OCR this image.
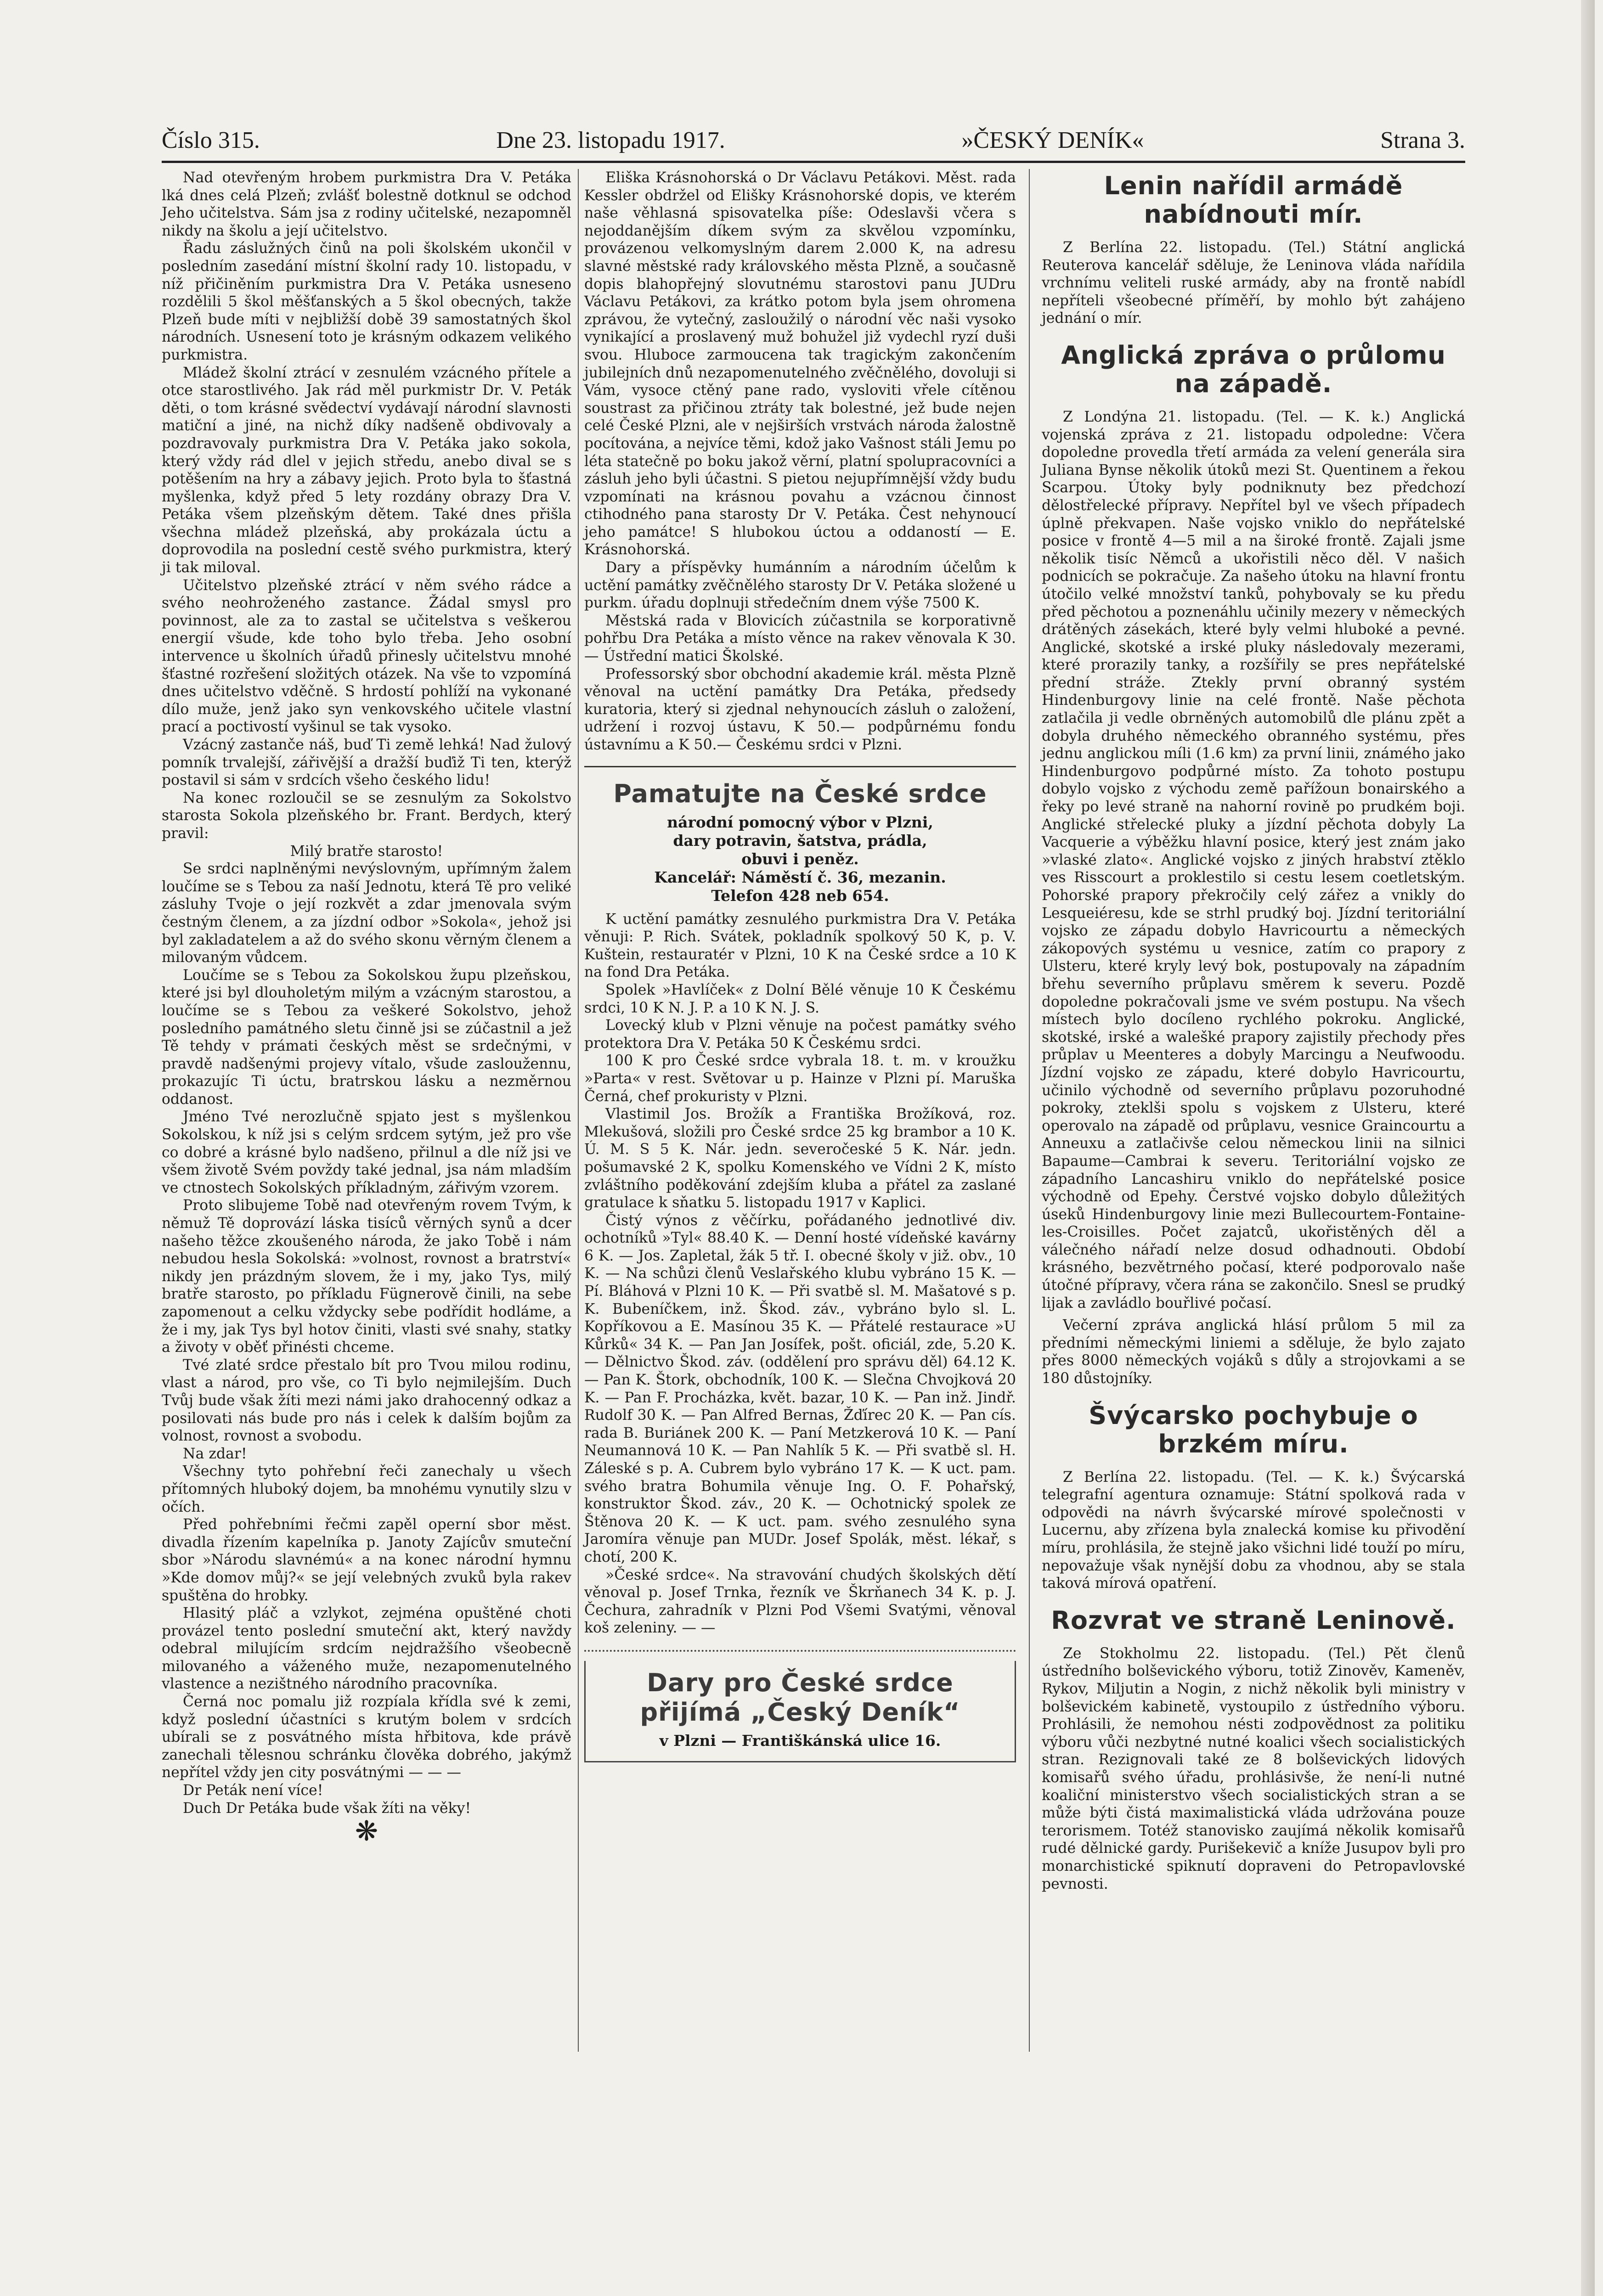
Číslo 315.	Dne 23. listopadu 1917.	»ČESKÝ DENÍK«	Strana 3.

Nad otevřeným hrobem purkmistra Dra V. Petáka lká dnes celá Plzeň; zvlášť bolestně dotknul se odchod Jeho učitelstva. Sám jsa z rodiny učitelské, nezapomněl nikdy na školu a její učitelstvo.

Řadu záslužných činů na poli školském ukončil v posledním zasedání místní školní rady 10. listopadu, v níž přičiněním purkmistra Dra V. Petáka usneseno rozdělili 5 škol měšťanských a 5 škol obecných, takže Plzeň bude míti v nejbližší době 39 samostatných škol národních. Usnesení toto je krásným odkazem velikého purkmistra.

Mládež školní ztrácí v zesnulém vzácného přítele a otce starostlivého. Jak rád měl purkmistr Dr. V. Peták děti, o tom krásné svědectví vydávají národní slavnosti matiční a jiné, na nichž díky nadšeně obdivovaly a pozdravovaly purkmistra Dra V. Petáka jako sokola, který vždy rád dlel v jejich středu, anebo dival se s potěšením na hry a zábavy jejich. Proto byla to šťastná myšlenka, když před 5 lety rozdány obrazy Dra V. Petáka všem plzeňským dětem. Také dnes přišla všechna mládež plzeňská, aby prokázala úctu a doprovodila na poslední cestě svého purkmistra, který ji tak miloval.

Učitelstvo plzeňské ztrácí v něm svého rádce a svého neohroženého zastance. Žádal smysl pro povinnost, ale za to zastal se učitelstva s veškerou energií všude, kde toho bylo třeba. Jeho osobní intervence u školních úřadů přinesly učitelstvu mnohé šťastné rozřešení složitých otázek. Na vše to vzpomíná dnes učitelstvo vděčně. S hrdostí pohlíží na vykonané dílo muže, jenž jako syn venkovského učitele vlastní prací a poctivostí vyšinul se tak vysoko.

Vzácný zastanče náš, buď Ti země lehká! Nad žulový pomník trvalejší, zářivější a dražší buďiž Ti ten, kterýž postavil si sám v srdcích všeho českého lidu!

Na konec rozloučil se se zesnulým za Sokolstvo starosta Sokola plzeňského br. Frant. Berdych, který pravil:

Milý bratře starosto!

Se srdci naplněnými nevýslovným, upřímným žalem loučíme se s Tebou za naší Jednotu, která Tě pro veliké zásluhy Tvoje o její rozkvět a zdar jmenovala svým čestným členem, a za jízdní odbor »Sokola«, jehož jsi byl zakladatelem a až do svého skonu věrným členem a milovaným vůdcem.

Loučíme se s Tebou za Sokolskou župu plzeňskou, které jsi byl dlouholetým milým a vzácným starostou, a loučíme se s Tebou za veškeré Sokolstvo, jehož posledního památného sletu činně jsi se zúčastnil a jež Tě tehdy v prámati českých měst se srdečnými, v pravdě nadšenými projevy vítalo, všude zasloužennu, prokazujíc Ti úctu, bratrskou lásku a nezměrnou oddanost.

Jméno Tvé nerozlučně spjato jest s myšlenkou Sokolskou, k níž jsi s celým srdcem sytým, jež pro vše co dobré a krásné bylo nadšeno, přilnul a dle níž jsi ve všem životě Svém povždy také jednal, jsa nám mladším ve ctnostech Sokolských příkladným, zářivým vzorem.

Proto slibujeme Tobě nad otevřeným rovem Tvým, k němuž Tě doprovází láska tisíců věrných synů a dcer našeho těžce zkoušeného národa, že jako Tobě i nám nebudou hesla Sokolská: »volnost, rovnost a bratrství« nikdy jen prázdným slovem, že i my, jako Tys, milý bratře starosto, po příkladu Fügnerově činili, na sebe zapomenout a celku vždycky sebe podřídit hodláme, a že i my, jak Tys byl hotov činiti, vlasti své snahy, statky a životy v oběť přinésti chceme.

Tvé zlaté srdce přestalo bít pro Tvou milou rodinu, vlast a národ, pro vše, co Ti bylo nejmilejším. Duch Tvůj bude však žíti mezi námi jako drahocenný odkaz a posilovati nás bude pro nás i celek k dalším bojům za volnost, rovnost a svobodu.

Na zdar!

Všechny tyto pohřební řeči zanechaly u všech přítomných hluboký dojem, ba mnohému vynutily slzu v očích.

Před pohřebními řečmi zapěl operní sbor měst. divadla řízením kapelníka p. Janoty Zajícův smuteční sbor »Národu slavnémú« a na konec národní hymnu »Kde domov můj?« se její velebných zvuků byla rakev spuštěna do hrobky.

Hlasitý pláč a vzlykot, zejména opuštěné choti provázel tento poslední smuteční akt, který navždy odebral milujícím srdcím nejdražšího všeobecně milovaného a váženého muže, nezapomenutelného vlastence a nezištného národního pracovníka.

Černá noc pomalu již rozpíala křídla své k zemi, když poslední účastníci s krutým bolem v srdcích ubírali se z posvátného místa hřbitova, kde právě zanechali tělesnou schránku člověka dobrého, jakýmž nepřítel vždy jen city posvátnými — — —

Dr Peták není více!

Duch Dr Petáka bude však žíti na věky!

❋

Eliška Krásnohorská o Dr Václavu Petákovi. Měst. rada Kessler obdržel od Elišky Krásnohorské dopis, ve kterém naše věhlasná spisovatelka píše: Odeslavši včera s nejoddanějším díkem svým za skvělou vzpomínku, provázenou velkomyslným darem 2.000 K, na adresu slavné městské rady královského města Plzně, a současně dopis blahopřejný slovutnému starostovi panu JUDru Václavu Petákovi, za krátko potom byla jsem ohromena zprávou, že vytečný, zasloužilý o národní věc naši vysoko vynikající a proslavený muž bohužel již vydechl ryzí duši svou. Hluboce zarmoucena tak tragickým zakončením jubilejních dnů nezapomenutelného zvěčnělého, dovoluji si Vám, vysoce ctěný pane rado, vysloviti vřele cítěnou soustrast za přičinou ztráty tak bolestné, jež bude nejen celé České Plzni, ale v nejširších vrstvách národa žalostně pocítována, a nejvíce těmi, kdož jako Vašnost stáli Jemu po léta statečně po boku jakož věrní, platní spolupracovníci a zásluh jeho byli účastni. S pietou nejupřímnější vždy budu vzpomínati na krásnou povahu a vzácnou činnost ctihodného pana starosty Dr V. Petáka. Čest nehynoucí jeho památce! S hlubokou úctou a oddaností — E. Krásnohorská.

Dary a příspěvky humánním a národním účelům k uctění památky zvěčnělého starosty Dr V. Petáka složené u purkm. úřadu doplnuji středečním dnem výše 7500 K.

Městská rada v Blovicích zúčastnila se korporativně pohřbu Dra Petáka a místo věnce na rakev věnovala K 30.— Ústřední matici Školské.

Professorský sbor obchodní akademie král. města Plzně věnoval na uctění památky Dra Petáka, předsedy kuratoria, který si zjednal nehynoucích zásluh o založení, udržení i rozvoj ústavu, K 50.— podpůrnému fondu ústavnímu a K 50.— Českému srdci v Plzni.

Pamatujte na České srdce
národní pomocný výbor v Plzni,
dary potravin, šatstva, prádla,
obuvi i peněz.
Kancelář: Náměstí č. 36, mezanin.
Telefon 428 neb 654.

K uctění památky zesnulého purkmistra Dra V. Petáka věnuji: P. Rich. Svátek, pokladník spolkový 50 K, p. V. Kuštein, restauratér v Plzni, 10 K na České srdce a 10 K na fond Dra Petáka.

Spolek »Havlíček« z Dolní Bělé věnuje 10 K Českému srdci, 10 K N. J. P. a 10 K N. J. S.

Lovecký klub v Plzni věnuje na počest památky svého protektora Dra V. Petáka 50 K Českému srdci.

100 K pro České srdce vybrala 18. t. m. v kroužku »Parta« v rest. Světovar u p. Hainze v Plzni pí. Maruška Černá, chef prokuristy v Plzni.

Vlastimil Jos. Brožík a Františka Brožíková, roz. Mlekušová, složili pro České srdce 25 kg brambor a 10 K. Ú. M. S 5 K. Nár. jedn. severočeské 5 K. Nár. jedn. pošumavské 2 K, spolku Komenského ve Vídni 2 K, místo zvláštního poděkování zdejším kluba a přátel za zaslané gratulace k sňatku 5. listopadu 1917 v Kaplici.

Čistý výnos z věčírku, pořádaného jednotlivé div. ochotníků »Tyl« 88.40 K. — Denní hosté vídeňské kavárny 6 K. — Jos. Zapletal, žák 5 tř. I. obecné školy v již. obv., 10 K. — Na schůzi členů Veslařského klubu vybráno 15 K. — Pí. Bláhová v Plzni 10 K. — Při svatbě sl. M. Mašatové s p. K. Bubeníčkem, inž. Škod. záv., vybráno bylo sl. L. Kopříkovou a E. Masínou 35 K. — Přátelé restaurace »U Kůrků« 34 K. — Pan Jan Josífek, pošt. oficiál, zde, 5.20 K. — Dělnictvo Škod. záv. (oddělení pro správu děl) 64.12 K. — Pan K. Štork, obchodník, 100 K. — Slečna Chvojková 20 K. — Pan F. Procházka, květ. bazar, 10 K. — Pan inž. Jindř. Rudolf 30 K. — Pan Alfred Bernas, Žďírec 20 K. — Pan cís. rada B. Buriánek 200 K. — Paní Metzkerová 10 K. — Paní Neumannová 10 K. — Pan Nahlík 5 K. — Při svatbě sl. H. Záleské s p. A. Cubrem bylo vybráno 17 K. — K uct. pam. svého bratra Bohumila věnuje Ing. O. F. Pohařský, konstruktor Škod. záv., 20 K. — Ochotnický spolek ze Štěnova 20 K. — K uct. pam. svého zesnulého syna Jaromíra věnuje pan MUDr. Josef Spolák, měst. lékař, s chotí, 200 K.

»České srdce«. Na stravování chudých školských dětí věnoval p. Josef Trnka, řezník ve Škrňanech 34 K. p. J. Čechura, zahradník v Plzni Pod Všemi Svatými, věnoval koš zeleniny. — —

Dary pro České srdce
přijímá „Český Deník“
v Plzni — Františkánská ulice 16.
Lenin nařídil armádě nabídnouti mír.

Z Berlína 22. listopadu. (Tel.) Státní anglická Reuterova kancelář sděluje, že Leninova vláda nařídila vrchnímu veliteli ruské armády, aby na frontě nabídl nepříteli všeobecné příměří, by mohlo být zahájeno jednání o mír.

Anglická zpráva o průlomu na západě.

Z Londýna 21. listopadu. (Tel. — K. k.) Anglická vojenská zpráva z 21. listopadu odpoledne: Včera dopoledne provedla třetí armáda za velení generála sira Juliana Bynse několik útoků mezi St. Quentinem a řekou Scarpou. Útoky byly podniknuty bez předchozí dělostřelecké přípravy. Nepřítel byl ve všech případech úplně překvapen. Naše vojsko vniklo do nepřátelské posice v frontě 4—5 mil a na široké frontě. Zajali jsme několik tisíc Němců a ukořistili něco děl. V našich podnicích se pokračuje. Za našeho útoku na hlavní frontu útočilo velké množství tanků, pohybovaly se ku předu před pěchotou a poznenáhlu učinily mezery v německých drátěných zásekách, které byly velmi hluboké a pevné. Anglické, skotské a irské pluky následovaly mezerami, které prorazily tanky, a rozšířily se pres nepřátelské přední stráže. Ztekly první obranný systém Hindenburgovy linie na celé frontě. Naše pěchota zatlačila ji vedle obrněných automobilů dle plánu zpět a dobyla druhého německého obranného systému, přes jednu anglickou míli (1.6 km) za první linii, známého jako Hindenburgovo podpůrné místo. Za tohoto postupu dobylo vojsko z východu země pařížoun bonairského a řeky po levé straně na nahorní rovině po prudkém boji. Anglické střelecké pluky a jízdní pěchota dobyly La Vacquerie a výběžku hlavní posice, který jest znám jako »vlaské zlato«. Anglické vojsko z jiných hrabství ztěklo ves Risscourt a proklestilo si cestu lesem coetletským. Pohorské prapory překročily celý zářez a vnikly do Lesqueiéresu, kde se strhl prudký boj. Jízdní teritoriální vojsko ze západu dobylo Havricourtu a německých zákopových systému u vesnice, zatím co prapory z Ulsteru, které kryly levý bok, postupovaly na západním břehu severního průplavu směrem k severu. Pozdě dopoledne pokračovali jsme ve svém postupu. Na všech místech bylo docíleno rychlého pokroku. Anglické, skotské, irské a walešké prapory zajistily přechody přes průplav u Meenteres a dobyly Marcingu a Neufwoodu. Jízdní vojsko ze západu, které dobylo Havricourtu, učinilo východně od severního průplavu pozoruhodné pokroky, zteklši spolu s vojskem z Ulsteru, které operovalo na západě od průplavu, vesnice Graincourtu a Anneuxu a zatlačivše celou německou linii na silnici Bapaume—Cambrai k severu. Teritoriální vojsko ze západního Lancashiru vniklo do nepřátelské posice východně od Epehy. Čerstvé vojsko dobylo důležitých úseků Hindenburgovy linie mezi Bullecourtem-Fontaine-les-Croisilles. Počet zajatců, ukořistěných děl a válečného nářadí nelze dosud odhadnouti. Období krásného, bezvětrného počasí, které podporovalo naše útočné přípravy, včera rána se zakončilo. Snesl se prudký lijak a zavládlo bouřlivé počasí.

Večerní zpráva anglická hlásí průlom 5 mil za předními německými liniemi a sděluje, že bylo zajato přes 8000 německých vojáků s důly a strojovkami a se 180 důstojníky.

Švýcarsko pochybuje o brzkém míru.

Z Berlína 22. listopadu. (Tel. — K. k.) Švýcarská telegrafní agentura oznamuje: Státní spolková rada v odpovědi na návrh švýcarské mírové společnosti v Lucernu, aby zřízena byla znalecká komise ku přivodění míru, prohlásila, že stejně jako všichni lidé touží po míru, nepovažuje však nynější dobu za vhodnou, aby se stala taková mírová opatření.

Rozvrat ve straně Leninově.

Ze Stokholmu 22. listopadu. (Tel.) Pět členů ústředního bolševického výboru, totiž Zinověv, Kameněv, Rykov, Miljutin a Nogin, z nichž několik byli ministry v bolševickém kabinetě, vystoupilo z ústředního výboru. Prohlásili, že nemohou nésti zodpovědnost za politiku výboru vůči nezbytné nutné koalici všech socialistických stran. Rezignovali také ze 8 bolševických lidových komisařů svého úřadu, prohlásivše, že není-li nutné koaliční ministerstvo všech socialistických stran a se může býti čistá maximalistická vláda udržována pouze terorismem. Totéž stanovisko zaujímá několik komisařů rudé dělnické gardy. Purišekevič a kníže Jusupov byli pro monarchistické spiknutí dopraveni do Petropavlovské pevnosti.
